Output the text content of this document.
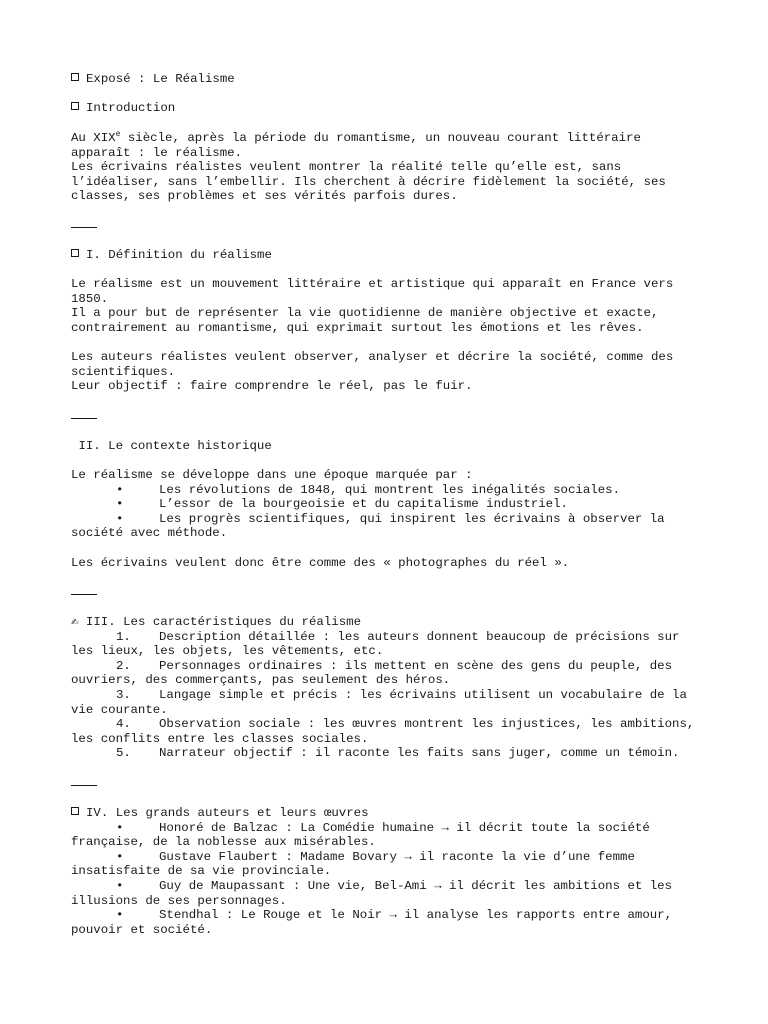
Exposé : Le Réalisme
Introduction
Au XIXe siècle, après la période du romantisme, un nouveau courant littéraire apparaît : le réalisme.
Les écrivains réalistes veulent montrer la réalité telle qu’elle est, sans l’idéaliser, sans l’embellir. Ils cherchent à décrire fidèlement la société, ses classes, ses problèmes et ses vérités parfois dures.
I. Définition du réalisme
Le réalisme est un mouvement littéraire et artistique qui apparaît en France vers 1850.
Il a pour but de représenter la vie quotidienne de manière objective et exacte, contrairement au romantisme, qui exprimait surtout les émotions et les rêves.
Les auteurs réalistes veulent observer, analyser et décrire la société, comme des scientifiques.
Leur objectif : faire comprendre le réel, pas le fuir.
II. Le contexte historique
Le réalisme se développe dans une époque marquée par :
•	Les révolutions de 1848, qui montrent les inégalités sociales.
•	L’essor de la bourgeoisie et du capitalisme industriel.
•	Les progrès scientifiques, qui inspirent les écrivains à observer la société avec méthode.
Les écrivains veulent donc être comme des « photographes du réel ».
✍ III. Les caractéristiques du réalisme
1. Description détaillée : les auteurs donnent beaucoup de précisions sur les lieux, les objets, les vêtements, etc.
2. Personnages ordinaires : ils mettent en scène des gens du peuple, des ouvriers, des commerçants, pas seulement des héros.
3. Langage simple et précis : les écrivains utilisent un vocabulaire de la vie courante.
4. Observation sociale : les œuvres montrent les injustices, les ambitions, les conflits entre les classes sociales.
5. Narrateur objectif : il raconte les faits sans juger, comme un témoin.
IV. Les grands auteurs et leurs œuvres
•	Honoré de Balzac : La Comédie humaine → il décrit toute la société française, de la noblesse aux misérables.
•	Gustave Flaubert : Madame Bovary → il raconte la vie d’une femme insatisfaite de sa vie provinciale.
•	Guy de Maupassant : Une vie, Bel-Ami → il décrit les ambitions et les illusions de ses personnages.
•	Stendhal : Le Rouge et le Noir → il analyse les rapports entre amour, pouvoir et société.
